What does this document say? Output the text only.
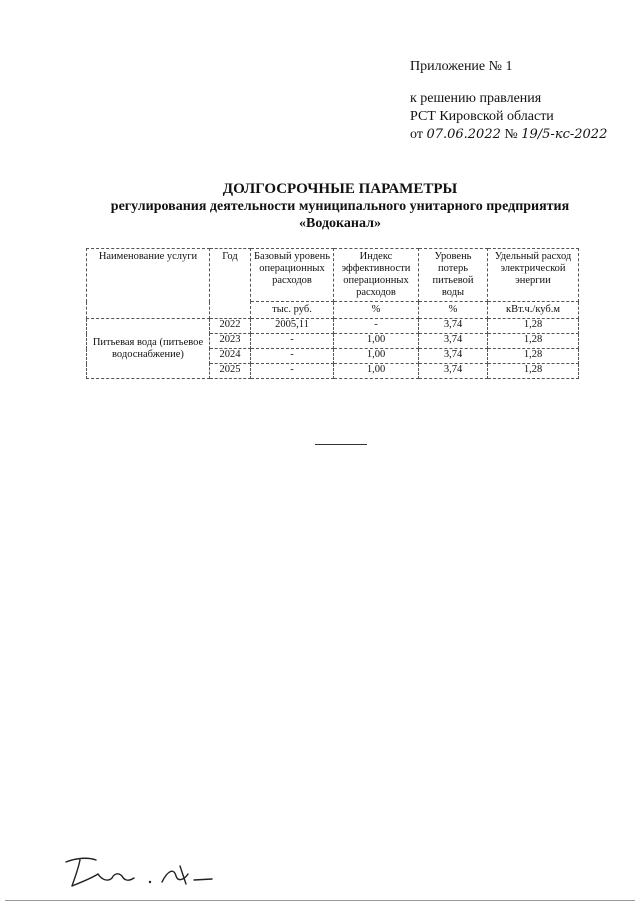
Приложение № 1
к решению правления
РСТ Кировской области
от 07.06.2022 № 19/5-кс-2022
ДОЛГОСРОЧНЫЕ ПАРАМЕТРЫ
регулирования деятельности муниципального унитарного предприятия
«Водоканал»
Наименование услуги	Год	Базовый уровень операционных расходов	Индекс эффективности операционных расходов	Уровень потерь питьевой воды	Удельный расход электрической энергии
		тыс. руб.	%	%	кВт.ч./куб.м
Питьевая вода (питьевое водоснабжение)	2022	2005,11	-	3,74	1,28
	2023	-	1,00	3,74	1,28
	2024	-	1,00	3,74	1,28
	2025	-	1,00	3,74	1,28
